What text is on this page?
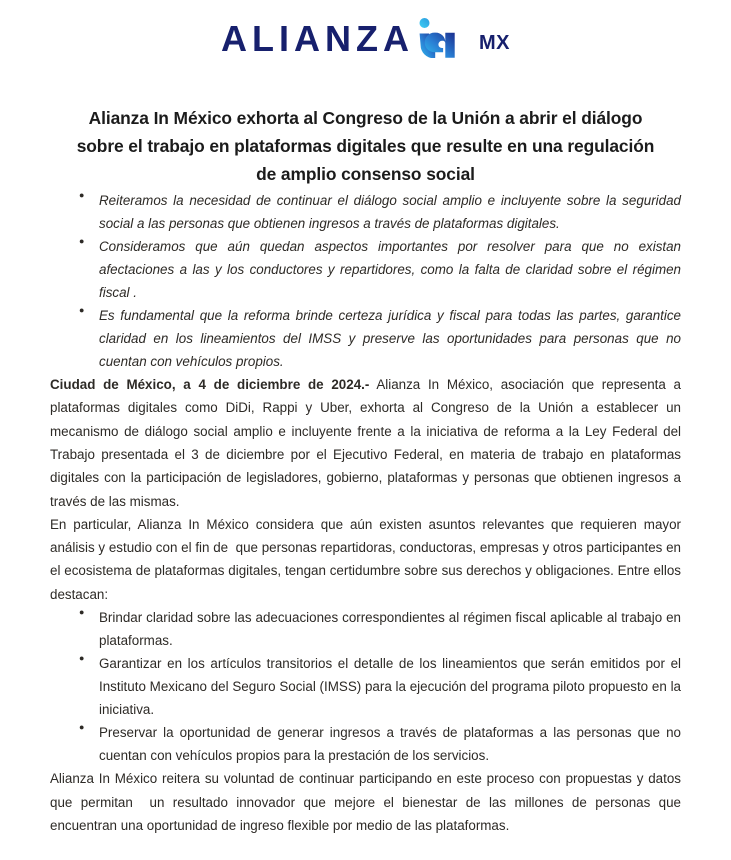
ALIANZA	MX
Alianza In México exhorta al Congreso de la Unión a abrir el diálogo sobre el trabajo en plataformas digitales que resulte en una regulación de amplio consenso social
● Reiteramos la necesidad de continuar el diálogo social amplio e incluyente sobre la seguridad social a las personas que obtienen ingresos a través de plataformas digitales.
● Consideramos que aún quedan aspectos importantes por resolver para que no existan afectaciones a las y los conductores y repartidores, como la falta de claridad sobre el régimen fiscal .
● Es fundamental que la reforma brinde certeza jurídica y fiscal para todas las partes, garantice claridad en los lineamientos del IMSS y preserve las oportunidades para personas que no cuentan con vehículos propios.

Ciudad de México, a 4 de diciembre de 2024.- Alianza In México, asociación que representa a plataformas digitales como DiDi, Rappi y Uber, exhorta al Congreso de la Unión a establecer un mecanismo de diálogo social amplio e incluyente frente a la iniciativa de reforma a la Ley Federal del Trabajo presentada el 3 de diciembre por el Ejecutivo Federal, en materia de trabajo en plataformas digitales con la participación de legisladores, gobierno, plataformas y personas que obtienen ingresos a través de las mismas.

En particular, Alianza In México considera que aún existen asuntos relevantes que requieren mayor análisis y estudio con el fin de  que personas repartidoras, conductoras, empresas y otros participantes en el ecosistema de plataformas digitales, tengan certidumbre sobre sus derechos y obligaciones. Entre ellos destacan:

● Brindar claridad sobre las adecuaciones correspondientes al régimen fiscal aplicable al trabajo en plataformas.
● Garantizar en los artículos transitorios el detalle de los lineamientos que serán emitidos por el Instituto Mexicano del Seguro Social (IMSS) para la ejecución del programa piloto propuesto en la iniciativa.
● Preservar la oportunidad de generar ingresos a través de plataformas a las personas que no cuentan con vehículos propios para la prestación de los servicios.

Alianza In México reitera su voluntad de continuar participando en este proceso con propuestas y datos que permitan  un resultado innovador que mejore el bienestar de las millones de personas que encuentran una oportunidad de ingreso flexible por medio de las plataformas.
